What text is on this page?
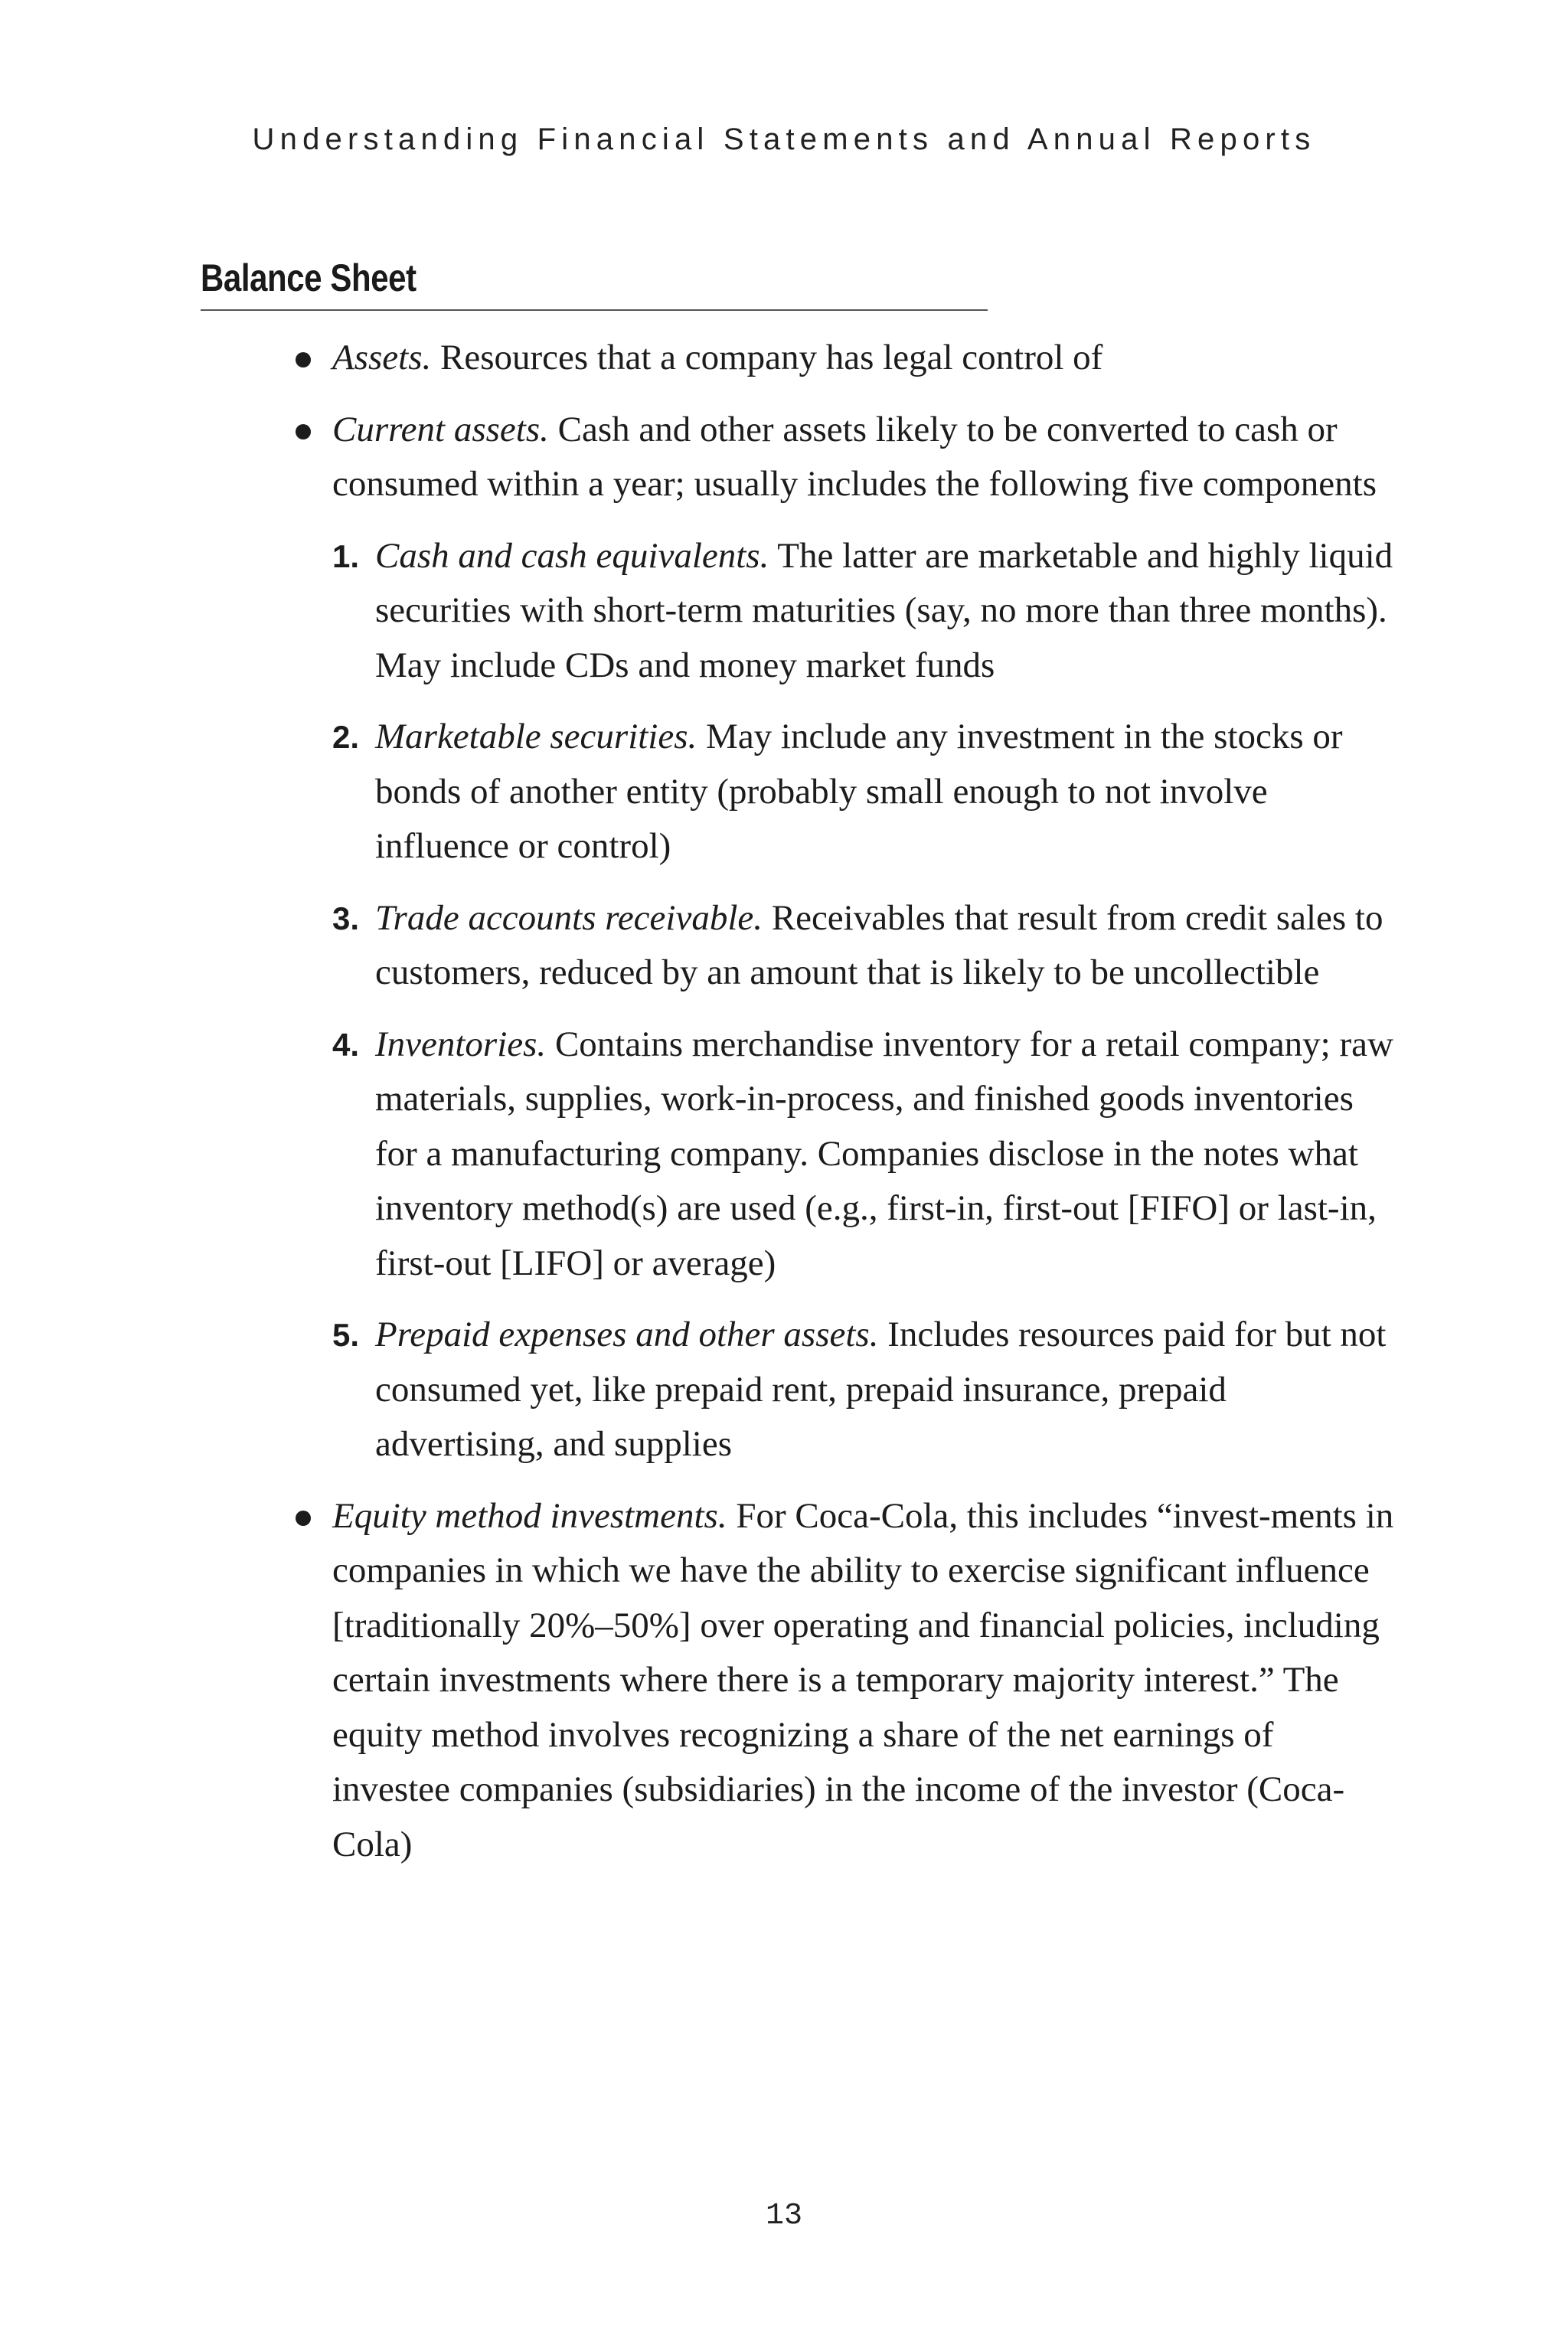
Understanding Financial Statements and Annual Reports
Balance Sheet
Assets. Resources that a company has legal control of
Current assets. Cash and other assets likely to be converted to cash or consumed within a year; usually includes the following five components
1. Cash and cash equivalents. The latter are marketable and highly liquid securities with short-term maturities (say, no more than three months). May include CDs and money market funds
2. Marketable securities. May include any investment in the stocks or bonds of another entity (probably small enough to not involve influence or control)
3. Trade accounts receivable. Receivables that result from credit sales to customers, reduced by an amount that is likely to be uncollectible
4. Inventories. Contains merchandise inventory for a retail company; raw materials, supplies, work-in-process, and finished goods inventories for a manufacturing company. Companies disclose in the notes what inventory method(s) are used (e.g., first-in, first-out [FIFO] or last-in, first-out [LIFO] or average)
5. Prepaid expenses and other assets. Includes resources paid for but not consumed yet, like prepaid rent, prepaid insurance, prepaid advertising, and supplies
Equity method investments. For Coca-Cola, this includes “invest-ments in companies in which we have the ability to exercise significant influence [traditionally 20%–50%] over operating and financial policies, including certain investments where there is a temporary majority interest.” The equity method involves recognizing a share of the net earnings of investee companies (subsidiaries) in the income of the investor (Coca-Cola)
13
